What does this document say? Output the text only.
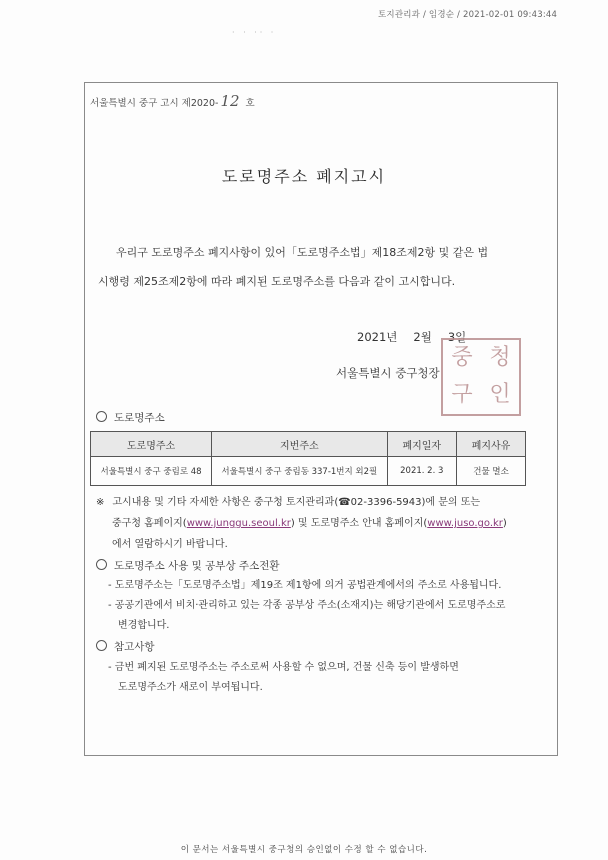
토지관리과 / 임경순 / 2021-02-01 09:43:44
· · ·· ·
서울특별시 중구 고시 제2020- 12 호
도로명주소 폐지고시
우리구 도로명주소 폐지사항이 있어「도로명주소법」제18조제2항 및 같은 법
시행령 제25조제2항에 따라 폐지된 도로명주소를 다음과 같이 고시합니다.
2021년 2월 3일
중 청
구 인
서울특별시 중구청장
도로명주소
도로명주소	지번주소	폐지일자	폐지사유
서울특별시 중구 중림로 48	서울특별시 중구 중림동 337-1번지 외2필	2021. 2. 3	건물 멸소
※ 고시내용 및 기타 자세한 사항은 중구청 토지관리과(☎02-3396-5943)에 문의 또는
중구청 홈페이지(www.junggu.seoul.kr) 및 도로명주소 안내 홈페이지(www.juso.go.kr)
에서 열람하시기 바랍니다.
도로명주소 사용 및 공부상 주소전환
- 도로명주소는「도로명주소법」제19조 제1항에 의거 공법관계에서의 주소로 사용됩니다.
- 공공기관에서 비치·관리하고 있는 각종 공부상 주소(소재지)는 해당기관에서 도로명주소로
변경합니다.
참고사항
- 금번 폐지된 도로명주소는 주소로써 사용할 수 없으며, 건물 신축 등이 발생하면
도로명주소가 새로이 부여됩니다.
이 문서는 서울특별시 중구청의 승인없이 수정 할 수 없습니다.
